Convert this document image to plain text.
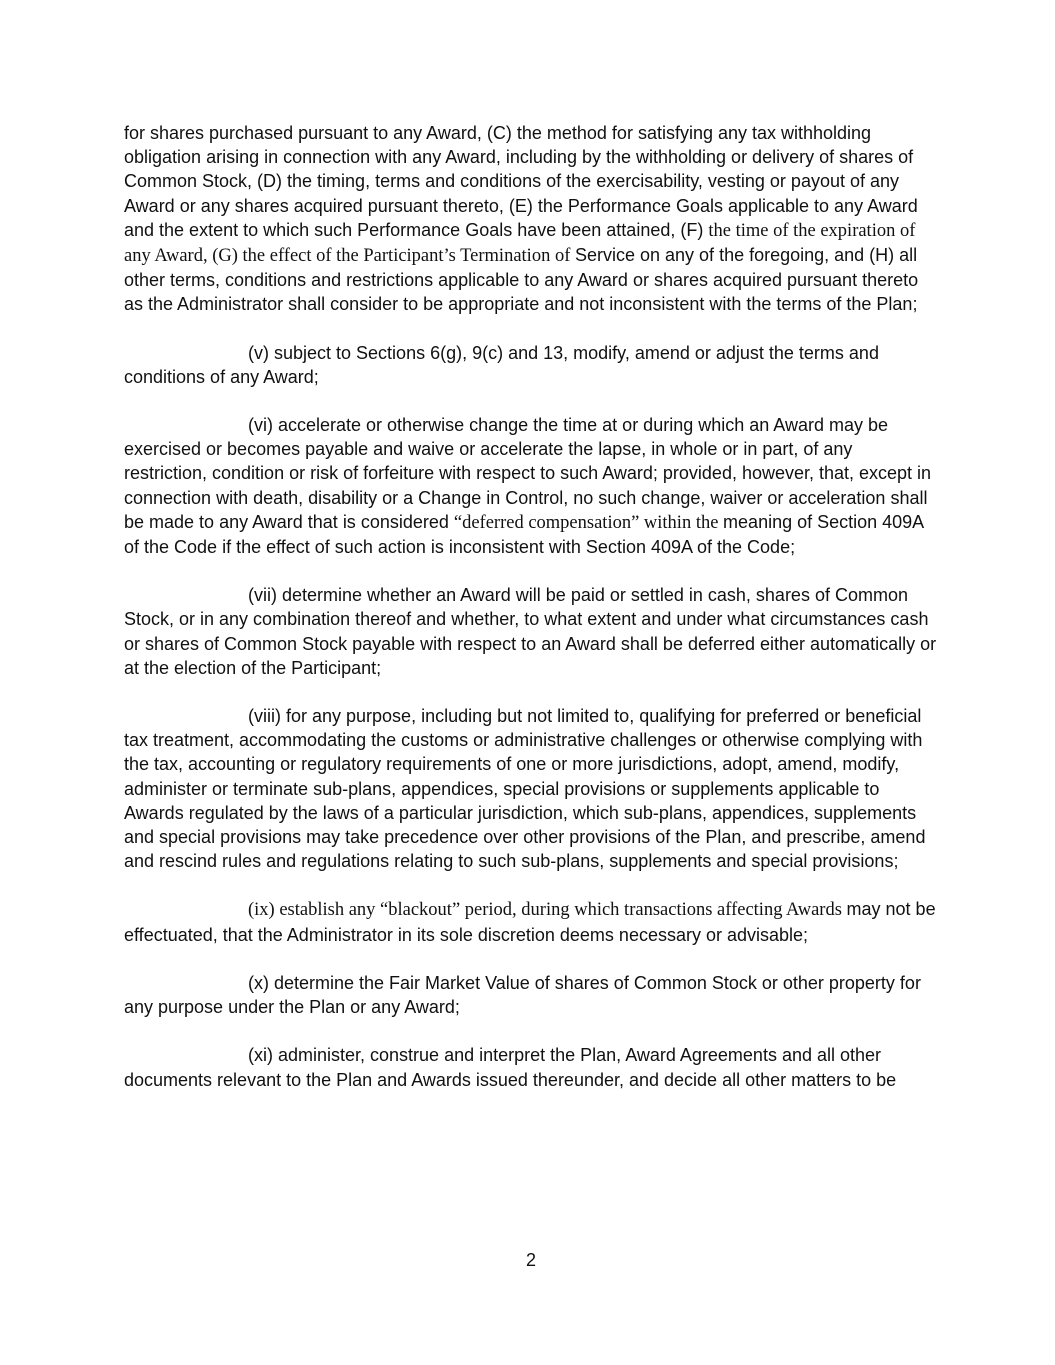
for shares purchased pursuant to any Award, (C) the method for satisfying any tax withholding obligation arising in connection with any Award, including by the withholding or delivery of shares of Common Stock, (D) the timing, terms and conditions of the exercisability, vesting or payout of any Award or any shares acquired pursuant thereto, (E) the Performance Goals applicable to any Award and the extent to which such Performance Goals have been attained, (F) the time of the expiration of any Award, (G) the effect of the Participant’s Termination of Service on any of the foregoing, and (H) all other terms, conditions and restrictions applicable to any Award or shares acquired pursuant thereto as the Administrator shall consider to be appropriate and not inconsistent with the terms of the Plan;

(v) subject to Sections 6(g), 9(c) and 13, modify, amend or adjust the terms and conditions of any Award;

(vi) accelerate or otherwise change the time at or during which an Award may be exercised or becomes payable and waive or accelerate the lapse, in whole or in part, of any restriction, condition or risk of forfeiture with respect to such Award; provided, however, that, except in connection with death, disability or a Change in Control, no such change, waiver or acceleration shall be made to any Award that is considered “deferred compensation” within the meaning of Section 409A of the Code if the effect of such action is inconsistent with Section 409A of the Code;

(vii) determine whether an Award will be paid or settled in cash, shares of Common Stock, or in any combination thereof and whether, to what extent and under what circumstances cash or shares of Common Stock payable with respect to an Award shall be deferred either automatically or at the election of the Participant;

(viii) for any purpose, including but not limited to, qualifying for preferred or beneficial tax treatment, accommodating the customs or administrative challenges or otherwise complying with the tax, accounting or regulatory requirements of one or more jurisdictions, adopt, amend, modify, administer or terminate sub-plans, appendices, special provisions or supplements applicable to Awards regulated by the laws of a particular jurisdiction, which sub-plans, appendices, supplements and special provisions may take precedence over other provisions of the Plan, and prescribe, amend and rescind rules and regulations relating to such sub-plans, supplements and special provisions;

(ix) establish any “blackout” period, during which transactions affecting Awards may not be effectuated, that the Administrator in its sole discretion deems necessary or advisable;

(x) determine the Fair Market Value of shares of Common Stock or other property for any purpose under the Plan or any Award;

(xi) administer, construe and interpret the Plan, Award Agreements and all other documents relevant to the Plan and Awards issued thereunder, and decide all other matters to be

2
